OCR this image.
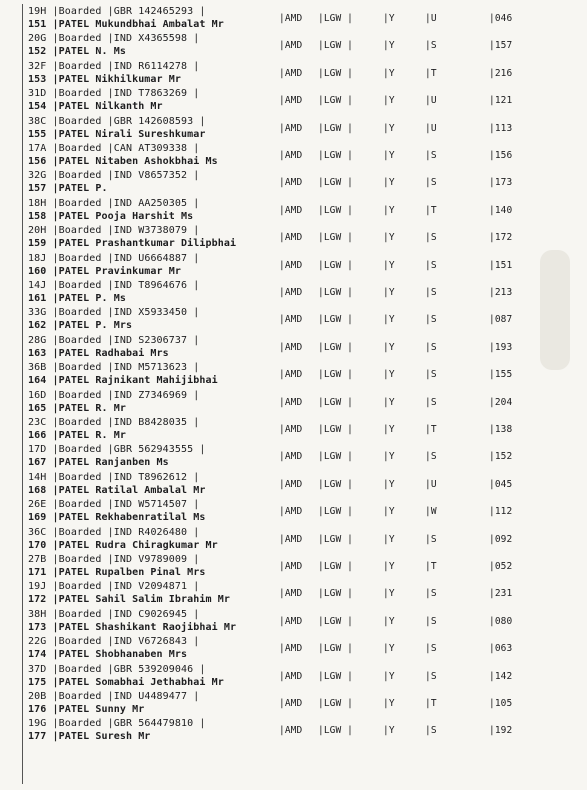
19H |Boarded |GBR 142465293 |
151 |PATEL Mukundbhai Ambalat Mr
|AMD |LGW |	|Y	|U	|046
20G |Boarded |IND X4365598 |
152 |PATEL N. Ms
|AMD |LGW |	|Y	|S	|157
32F |Boarded |IND R6114278 |
153 |PATEL Nikhilkumar Mr
|AMD |LGW |	|Y	|T	|216
31D |Boarded |IND T7863269 |
154 |PATEL Nilkanth Mr
|AMD |LGW |	|Y	|U	|121
38C |Boarded |GBR 142608593 |
155 |PATEL Nirali Sureshkumar
|AMD |LGW |	|Y	|U	|113
17A |Boarded |CAN AT309338 |
156 |PATEL Nitaben Ashokbhai Ms
|AMD |LGW |	|Y	|S	|156
32G |Boarded |IND V8657352 |
157 |PATEL P.
|AMD |LGW |	|Y	|S	|173
18H |Boarded |IND AA250305 |
158 |PATEL Pooja Harshit Ms
|AMD |LGW |	|Y	|T	|140
20H |Boarded |IND W3738079 |
159 |PATEL Prashantkumar Dilipbhai
|AMD |LGW |	|Y	|S	|172
18J |Boarded |IND U6664887 |
160 |PATEL Pravinkumar Mr
|AMD |LGW |	|Y	|S	|151
14J |Boarded |IND T8964676 |
161 |PATEL P. Ms
|AMD |LGW |	|Y	|S	|213
33G |Boarded |IND X5933450 |
162 |PATEL P. Mrs
|AMD |LGW |	|Y	|S	|087
28G |Boarded |IND S2306737 |
163 |PATEL Radhabai Mrs
|AMD |LGW |	|Y	|S	|193
36B |Boarded |IND M5713623 |
164 |PATEL Rajnikant Mahijibhai
|AMD |LGW |	|Y	|S	|155
16D |Boarded |IND Z7346969 |
165 |PATEL R. Mr
|AMD |LGW |	|Y	|S	|204
23C |Boarded |IND B8428035 |
166 |PATEL R. Mr
|AMD |LGW |	|Y	|T	|138
17D |Boarded |GBR 562943555 |
167 |PATEL Ranjanben Ms
|AMD |LGW |	|Y	|S	|152
14H |Boarded |IND T8962612 |
168 |PATEL Ratilal Ambalal Mr
|AMD |LGW |	|Y	|U	|045
26E |Boarded |IND W5714507 |
169 |PATEL Rekhabenratilal Ms
|AMD |LGW |	|Y	|W	|112
36C |Boarded |IND R4026480 |
170 |PATEL Rudra Chiragkumar Mr
|AMD |LGW |	|Y	|S	|092
27B |Boarded |IND V9789009 |
171 |PATEL Rupalben Pinal Mrs
|AMD |LGW |	|Y	|T	|052
19J |Boarded |IND V2094871 |
172 |PATEL Sahil Salim Ibrahim Mr
|AMD |LGW |	|Y	|S	|231
38H |Boarded |IND C9026945 |
173 |PATEL Shashikant Raojibhai Mr
|AMD |LGW |	|Y	|S	|080
22G |Boarded |IND V6726843 |
174 |PATEL Shobhanaben Mrs
|AMD |LGW |	|Y	|S	|063
37D |Boarded |GBR 539209046 |
175 |PATEL Somabhai Jethabhai Mr
|AMD |LGW |	|Y	|S	|142
20B |Boarded |IND U4489477 |
176 |PATEL Sunny Mr
|AMD |LGW |	|Y	|T	|105
19G |Boarded |GBR 564479810 |
177 |PATEL Suresh Mr
|AMD |LGW |	|Y	|S	|192
